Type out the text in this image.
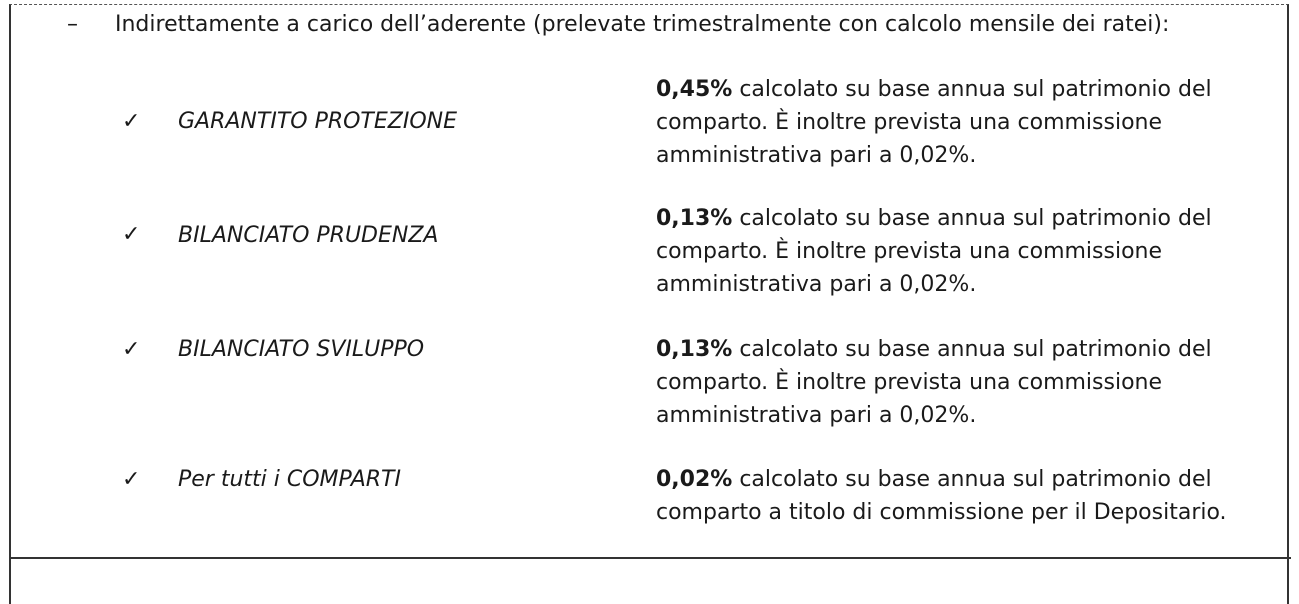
– Indirettamente a carico dell’aderente (prelevate trimestralmente con calcolo mensile dei ratei):
✓ GARANTITO PROTEZIONE
0,45% calcolato su base annua sul patrimonio del
comparto. È inoltre prevista una commissione
amministrativa pari a 0,02%.
✓ BILANCIATO PRUDENZA
0,13% calcolato su base annua sul patrimonio del
comparto. È inoltre prevista una commissione
amministrativa pari a 0,02%.
✓ BILANCIATO SVILUPPO	0,13% calcolato su base annua sul patrimonio del
comparto. È inoltre prevista una commissione
amministrativa pari a 0,02%.
✓ Per tutti i COMPARTI	0,02% calcolato su base annua sul patrimonio del
comparto a titolo di commissione per il Depositario.
